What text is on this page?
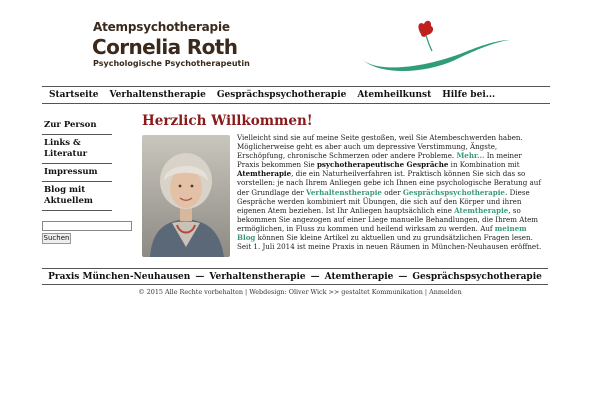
Atempsychotherapie
Cornelia Roth
Psychologische Psychotherapeutin
Startseite Verhaltenstherapie Gesprächspsychotherapie Atemheilkunst Hilfe bei...
Zur Person
Links & Literatur
Impressum
Blog mit Aktuellem
Suchen
Herzlich Willkommen!

Vielleicht sind sie auf meine Seite gestoßen, weil Sie Atembeschwerden haben. Möglicherweise geht es aber auch um depressive Verstimmung, Ängste, Erschöpfung, chronische Schmerzen oder andere Probleme. Mehr... In meiner Praxis bekommen Sie psychotherapeutische Gespräche in Kombination mit Atemtherapie, die ein Naturheilverfahren ist. Praktisch können Sie sich das so vorstellen: je nach Ihrem Anliegen gebe ich Ihnen eine psychologische Beratung auf der Grundlage der Verhaltenstherapie oder Gesprächspsychotherapie. Diese Gespräche werden kombiniert mit Übungen, die sich auf den Körper und ihren eigenen Atem beziehen. Ist Ihr Anliegen hauptsächlich eine Atemtherapie, so bekommen Sie angezogen auf einer Liege manuelle Behandlungen, die Ihrem Atem ermöglichen, in Fluss zu kommen und heilend wirksam zu werden. Auf meinem Blog können Sie kleine Artikel zu aktuellen und zu grundsätzlichen Fragen lesen. Seit 1. Juli 2014 ist meine Praxis in neuen Räumen in München-Neuhausen eröffnet.

Praxis München-Neuhausen — Verhaltenstherapie — Atemtherapie — Gesprächspsychotherapie
© 2015 Alle Rechte vorbehalten | Webdesign: Oliver Wick >> gestaltet Kommunikation | Anmelden
